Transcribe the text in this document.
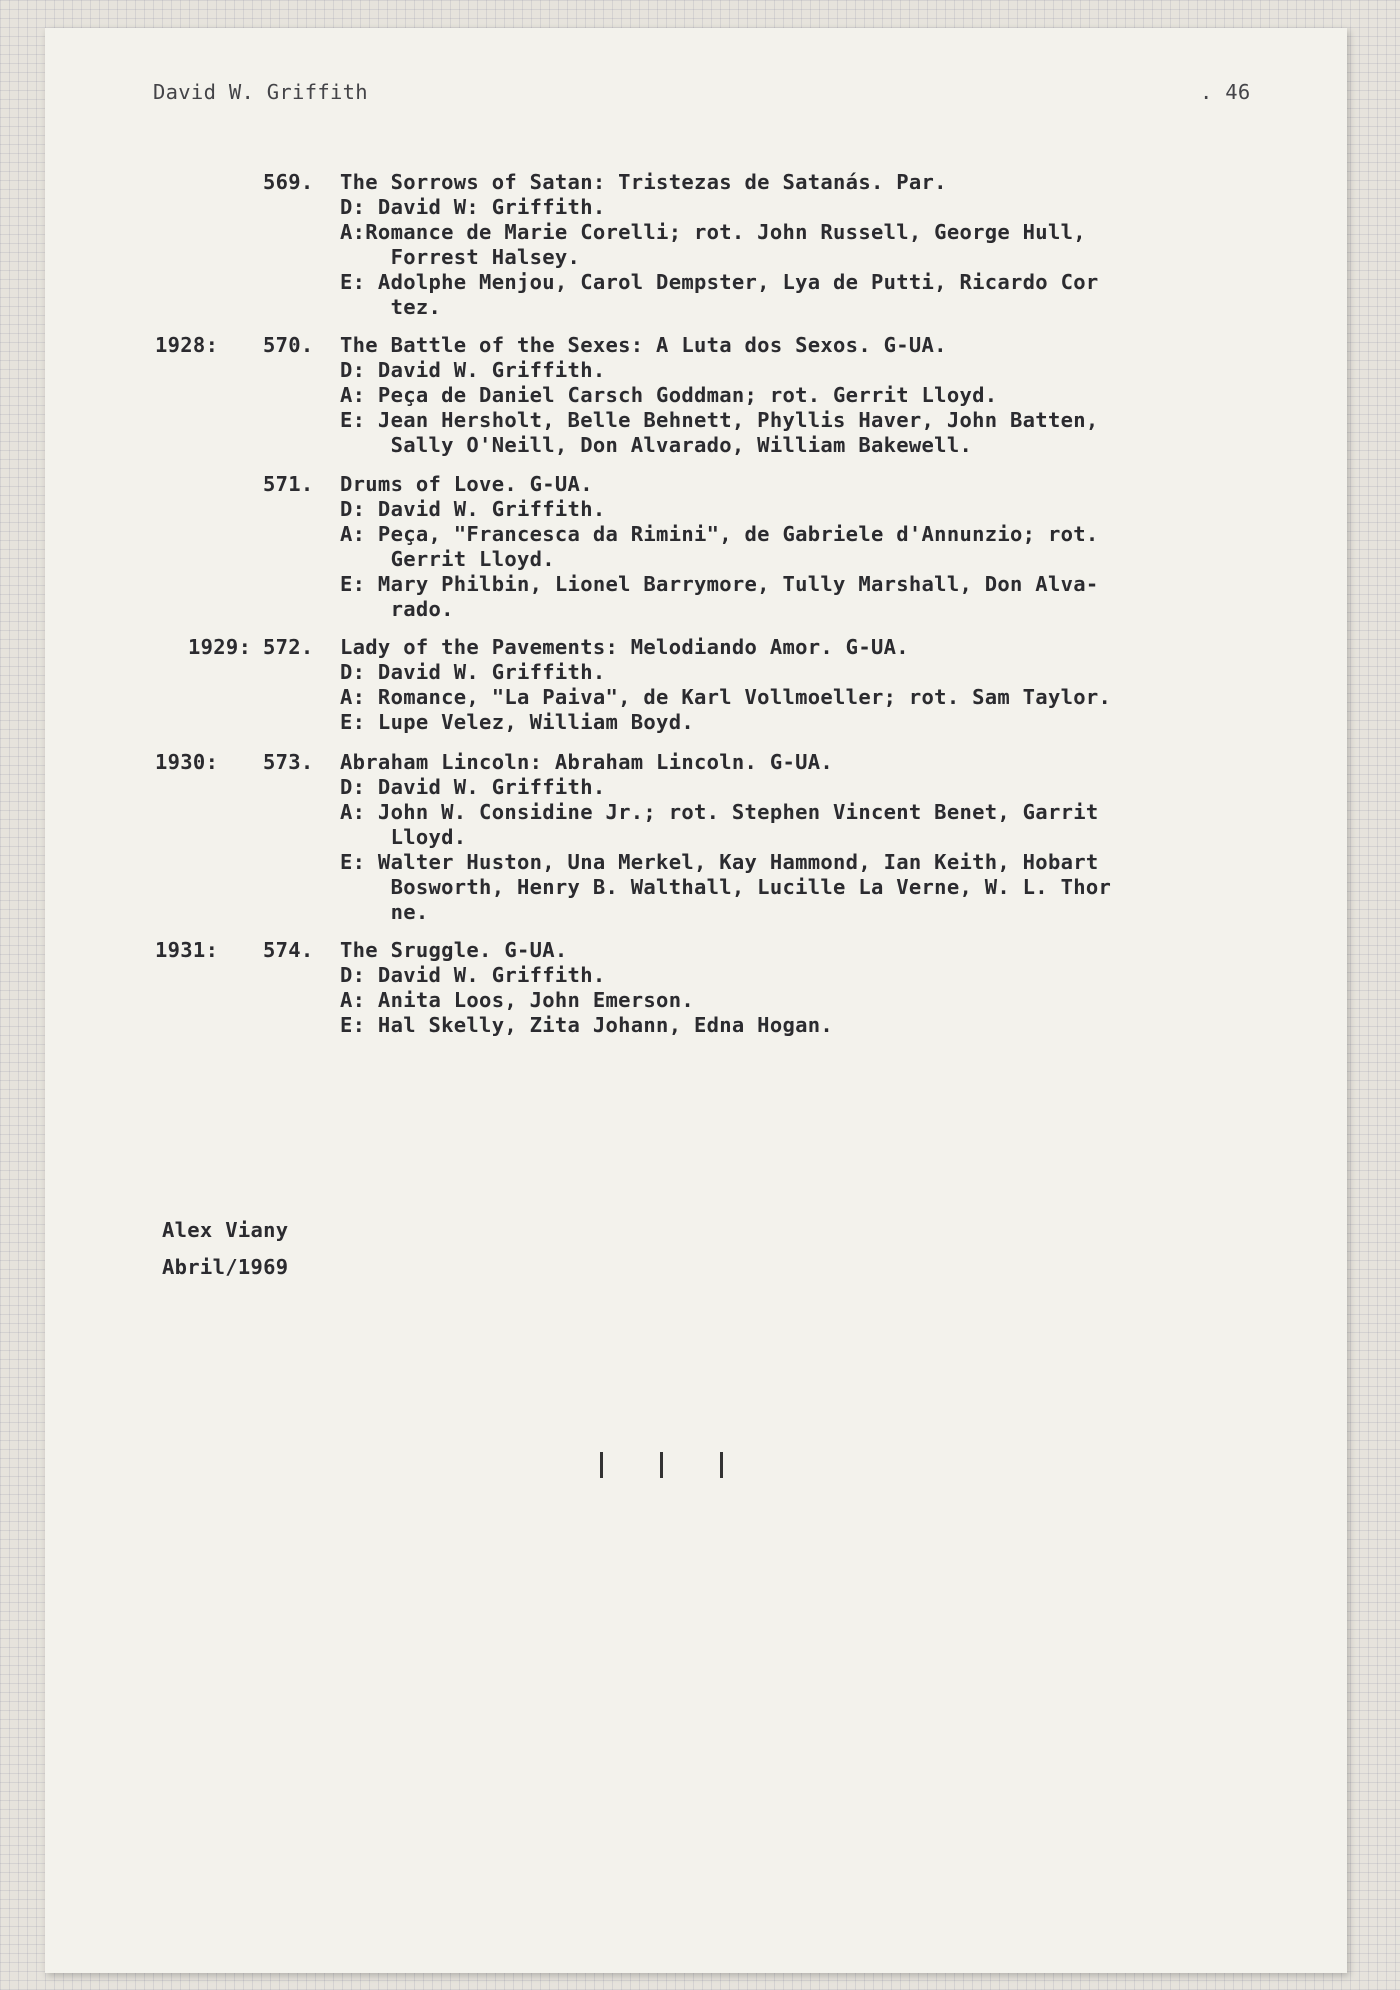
David W. Griffith	. 46
569. The Sorrows of Satan: Tristezas de Satanás. Par.
D: David W: Griffith.
A:Romance de Marie Corelli; rot. John Russell, George Hull,
Forrest Halsey.
E: Adolphe Menjou, Carol Dempster, Lya de Putti, Ricardo Cor
tez.
1928: 570. The Battle of the Sexes: A Luta dos Sexos. G-UA.
D: David W. Griffith.
A: Peça de Daniel Carsch Goddman; rot. Gerrit Lloyd.
E: Jean Hersholt, Belle Behnett, Phyllis Haver, John Batten,
Sally O'Neill, Don Alvarado, William Bakewell.
571. Drums of Love. G-UA.
D: David W. Griffith.
A: Peça, "Francesca da Rimini", de Gabriele d'Annunzio; rot.
Gerrit Lloyd.
E: Mary Philbin, Lionel Barrymore, Tully Marshall, Don Alva-
rado.
1929: 572. Lady of the Pavements: Melodiando Amor. G-UA.
D: David W. Griffith.
A: Romance, "La Paiva", de Karl Vollmoeller; rot. Sam Taylor.
E: Lupe Velez, William Boyd.
1930: 573. Abraham Lincoln: Abraham Lincoln. G-UA.
D: David W. Griffith.
A: John W. Considine Jr.; rot. Stephen Vincent Benet, Garrit
Lloyd.
E: Walter Huston, Una Merkel, Kay Hammond, Ian Keith, Hobart
Bosworth, Henry B. Walthall, Lucille La Verne, W. L. Thor
ne.
1931: 574. The Sruggle. G-UA.
D: David W. Griffith.
A: Anita Loos, John Emerson.
E: Hal Skelly, Zita Johann, Edna Hogan.
Alex Viany
Abril/1969
